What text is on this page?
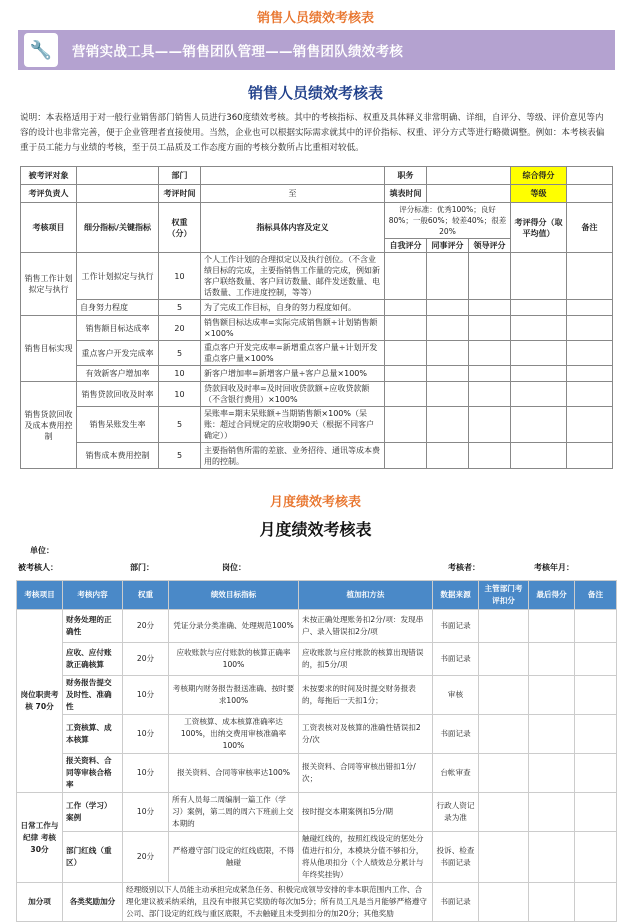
销售人员绩效考核表
🔧	营销实战工具——销售团队管理——销售团队绩效考核
销售人员绩效考核表
说明：本表格适用于对一般行业销售部门销售人员进行360度绩效考核。其中的考核指标、权重及具体释义非常明确、详细，自评分、等级、评价意见等内容的设计也非常完善，便于企业管理者直接使用。当然，企业也可以根据实际需求就其中的评价指标、权重、评分方式等进行略微调整。例如：本考核表偏重于员工能力与业绩的考核，至于员工品质及工作态度方面的考核分数所占比重相对较低。
被考评对象		部门		职务			综合得分	
考评负责人		考评时间	至	填表时间			等级	
考核项目	细分指标/关键指标	权重（分）	指标具体内容及定义	评分标准：优秀100%；良好80%；一般60%；较差40%；很差20%			考评得分（取平均值）	备注
				自我评分	同事评分	领导评分		
销售工作计划拟定与执行	工作计划拟定与执行	10	个人工作计划的合理拟定以及执行创位。（不含业绩目标的完成，主要指销售工作量的完成，例如新客户联络数量、客户回访数量、邮件发送数量、电话数量、工作进度控制，等等）					
	自身努力程度	5	为了完成工作目标，自身的努力程度如何。					
销售目标实现	销售额目标达成率	20	销售额目标达成率=实际完成销售额÷计划销售额×100%					
	重点客户开发完成率	5	重点客户开发完成率=新增重点客户量÷计划开发重点客户量×100%					
	有效新客户增加率	10	新客户增加率=新增客户量÷客户总量×100%					
销售货款回收及成本费用控制	销售贷款回收及时率	10	贷款回收及时率=及时回收贷款额÷应收贷款额（不含银行费用）×100%					
	销售呆账发生率	5	呆账率=期末呆账额÷当期销售额×100%（呆账：超过合同规定的应收期90天（根据不同客户确定））					
	销售成本费用控制	5	主要指销售所需的差旅、业务招待、通讯等成本费用的控制。					
月度绩效考核表
月度绩效考核表
单位：
被考核人：	部门：	岗位：	考核者：	考核年月：
考核项目	考核内容	权重	绩效目标指标	植加扣方法	数据来源	主管部门考评扣分	最后得分	备注
岗位职责考核 70分	财务处理的正确性	20分	凭证分录分类准确、处理规范100%	未按正确处理账务扣2分/项：发现串户、录入错误扣2分/项	书面记录			
	应收、应付账款正确核算	20分	应收账款与应付账款的核算正确率100%	应收账款与应付账款的核算出现错误的，扣5分/项	书面记录			
	财务报告提交及时性、准确性	10分	考核期内财务报告报送准确、按时要求100%	未按要求的时间及时提交财务报表的，每拖后一天扣1分；	审核			
	工资核算、成本核算	10分	工资核算、成本核算准确率达100%，出纳交费用审核准确率100%	工资表核对及核算的准确性错误扣2分/次	书面记录			
	报关资料、合同等审核合格率	10分	报关资料、合同等审核率达100%	报关资料、合同等审核出错扣1分/次；	台帐审查			
日常工作与纪律 考核30分	工作（学习）案例	10分	所有人员每二周编制一篇工作（学习）案例，第二周的周六下班前上交本期的	按时提交本期案例扣5分/期	行政人资记录为准			
	部门红线（重区）	20分	严格遵守部门设定的红线底限，不得触碰	触碰红线的，按照红线设定的惩处分值进行扣分，本模块分值不够扣分，将从他项扣分（个人绩效总分累计与年终奖挂钩）	投诉、检查书面记录			
加分项	各类奖励加分	经理级别以下人员能主动承担完成紧急任务、积极完成领导安排的非本职范围内工作、合理化建议被采纳采纳，且没有申报其它奖励的每次加5分；所有员工凡是当月能够严格遵守公司、部门设定的红线与重区底限，不去触碰且未受到扣分的加20分；其他奖励			书面记录			
